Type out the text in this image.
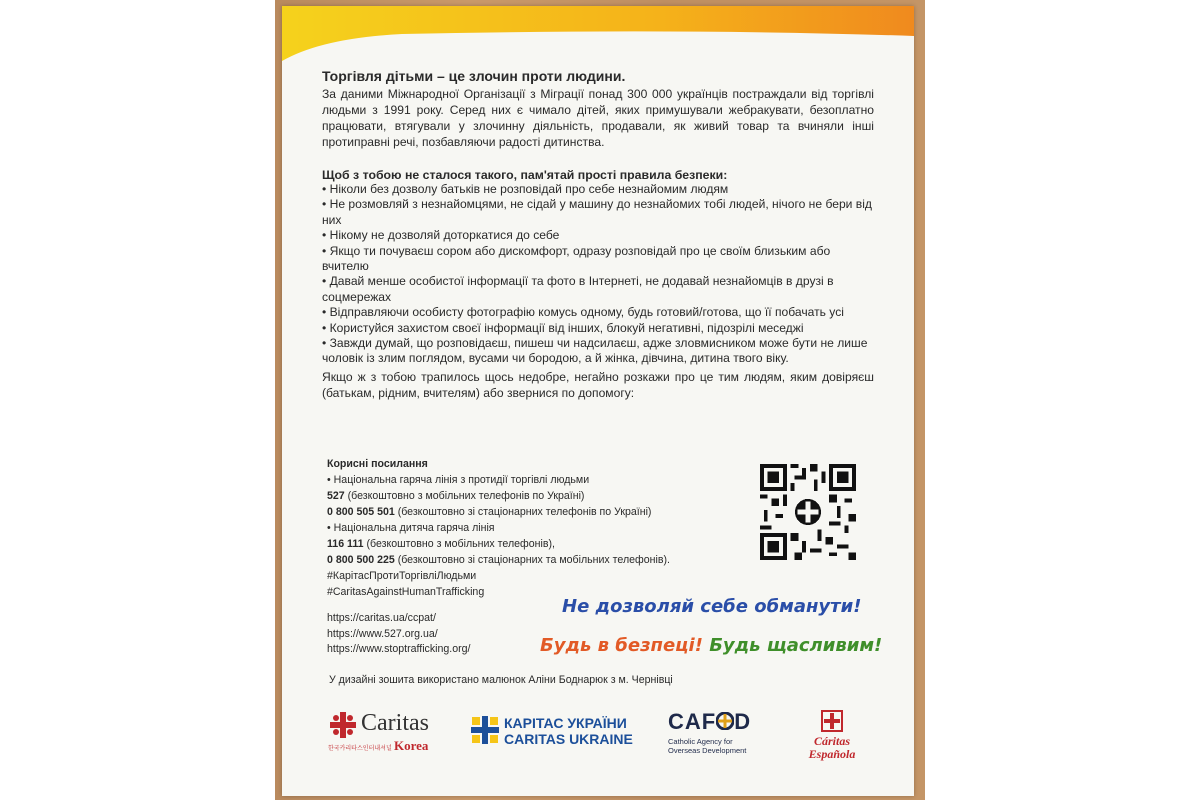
Торгівля дітьми – це злочин проти людини.

За даними Міжнародної Організації з Міграції понад 300 000 українців постраждали від торгівлі людьми з 1991 року. Серед них є чимало дітей, яких примушували жебракувати, безоплатно працювати, втягували у злочинну діяльність, продавали, як живий товар та вчиняли інші протиправні речі, позбавляючи радості дитинства.

Щоб з тобою не сталося такого, пам'ятай прості правила безпеки:
• Ніколи без дозволу батьків не розповідай про себе незнайомим людям
• Не розмовляй з незнайомцями, не сідай у машину до незнайомих тобі людей, нічого не бери від них
• Нікому не дозволяй доторкатися до себе
• Якщо ти почуваєш сором або дискомфорт, одразу розповідай про це своїм близьким або вчителю
• Давай менше особистої інформації та фото в Інтернеті, не додавай незнайомців в друзі в соцмережах
• Відправляючи особисту фотографію комусь одному, будь готовий/готова, що її побачать усі
• Користуйся захистом своєї інформації від інших, блокуй негативні, підозрілі меседжі
• Завжди думай, що розповідаєш, пишеш чи надсилаєш, адже зловмисником може бути не лише чоловік із злим поглядом, вусами чи бородою, а й жінка, дівчина, дитина твого віку.

Якщо ж з тобою трапилось щось недобре, негайно розкажи про це тим людям, яким довіряєш (батькам, рідним, вчителям) або звернися по допомогу:

Корисні посилання
• Національна гаряча лінія з протидії торгівлі людьми
527 (безкоштовно з мобільних телефонів по Україні)
0 800 505 501 (безкоштовно зі стаціонарних телефонів по Україні)
• Національна дитяча гаряча лінія
116 111 (безкоштовно з мобільних телефонів),
0 800 500 225 (безкоштовно зі стаціонарних та мобільних телефонів).
#КарітасПротиТоргівліЛюдьми
#CaritasAgainstHumanTrafficking
https://caritas.ua/ccpat/
https://www.527.org.ua/
https://www.stoptrafficking.org/
Не дозволяй себе обманути!
Будь в безпеці! Будь щасливим!
У дизайні зошита використано малюнок Аліни Боднарюк з м. Чернівці
Caritas
한국카리타스인터내셔널 Korea
КАРІТАС УКРАЇНИ
CARITAS UKRAINE
CAF D
Catholic Agency for
Overseas Development
Cáritas
Española
